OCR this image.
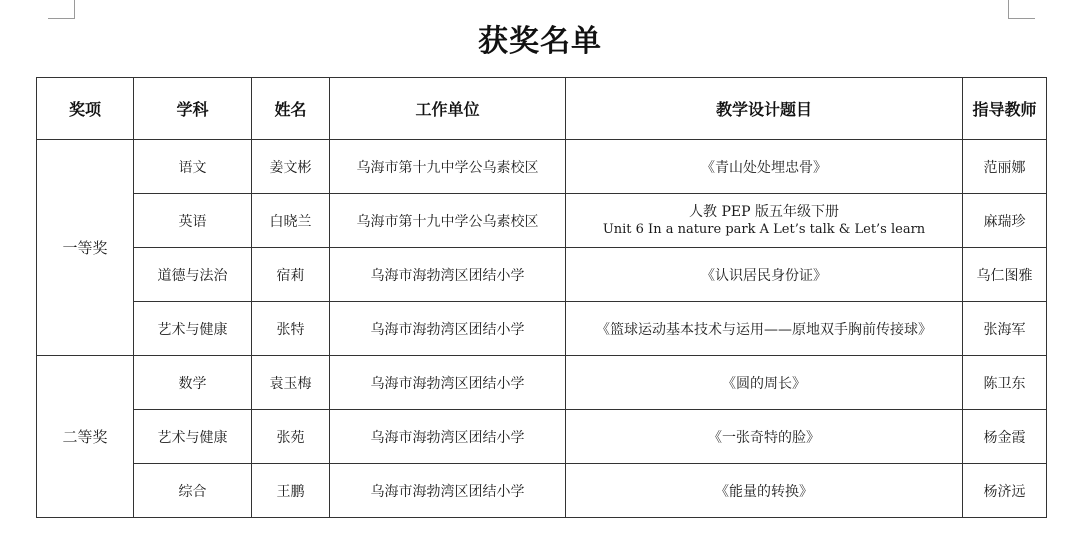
获奖名单
奖项	学科	姓名	工作单位	教学设计题目	指导教师
一等奖	语文	姜文彬	乌海市第十九中学公乌素校区	《青山处处埋忠骨》	范丽娜
	英语	白晓兰	乌海市第十九中学公乌素校区	人教 PEP 版五年级下册
Unit 6 In a nature park A Let’s talk & Let’s learn	麻瑞珍
	道德与法治	宿莉	乌海市海勃湾区团结小学	《认识居民身份证》	乌仁图雅
	艺术与健康	张特	乌海市海勃湾区团结小学	《篮球运动基本技术与运用——原地双手胸前传接球》	张海军
二等奖	数学	袁玉梅	乌海市海勃湾区团结小学	《圆的周长》	陈卫东
	艺术与健康	张苑	乌海市海勃湾区团结小学	《一张奇特的脸》	杨金霞
	综合	王鹏	乌海市海勃湾区团结小学	《能量的转换》	杨济远
